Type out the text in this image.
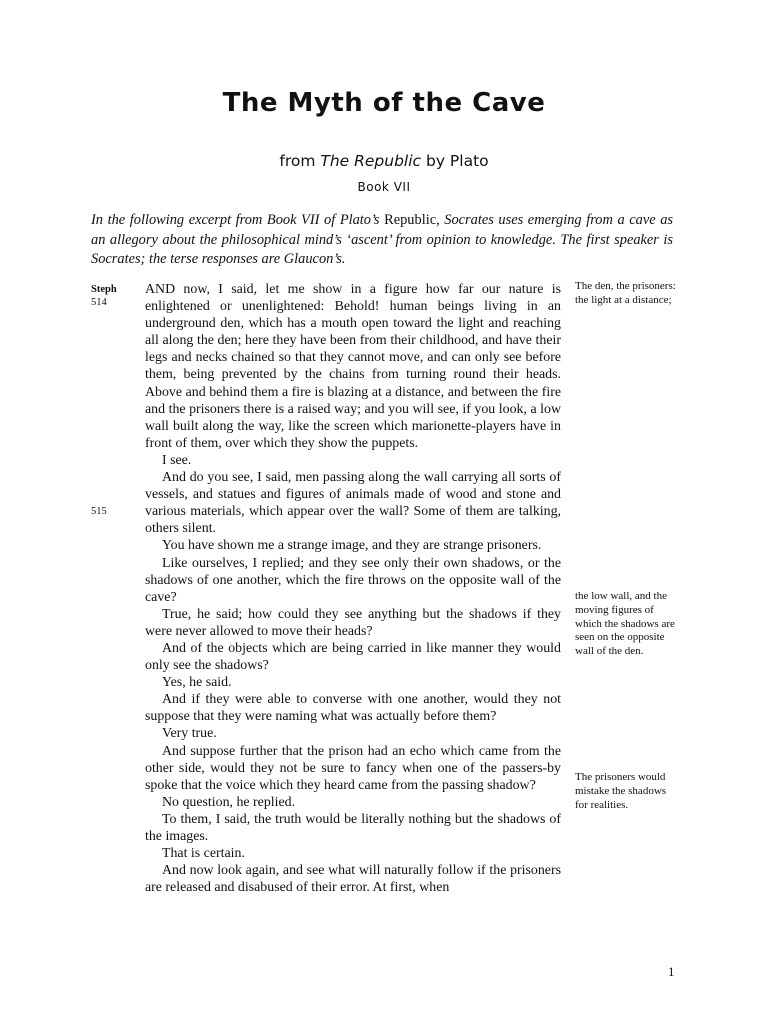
The Myth of the Cave
from The Republic by Plato
Book VII
In the following excerpt from Book VII of Plato’s Republic, Socrates uses emerging from a cave as an allegory about the philosophical mind’s ‘ascent’ from opinion to knowledge. The first speaker is Socrates; the terse responses are Glaucon’s.
Steph
514
515

AND now, I said, let me show in a figure how far our nature is enlightened or unenlightened: Behold! human beings living in an underground den, which has a mouth open toward the light and reaching all along the den; here they have been from their childhood, and have their legs and necks chained so that they cannot move, and can only see before them, being prevented by the chains from turning round their heads. Above and behind them a fire is blazing at a distance, and between the fire and the prisoners there is a raised way; and you will see, if you look, a low wall built along the way, like the screen which marionette-players have in front of them, over which they show the puppets.

I see.

And do you see, I said, men passing along the wall carrying all sorts of vessels, and statues and figures of animals made of wood and stone and various materials, which appear over the wall? Some of them are talking, others silent.

You have shown me a strange image, and they are strange prisoners.

Like ourselves, I replied; and they see only their own shadows, or the shadows of one another, which the fire throws on the opposite wall of the cave?

True, he said; how could they see anything but the shadows if they were never allowed to move their heads?

And of the objects which are being carried in like manner they would only see the shadows?

Yes, he said.

And if they were able to converse with one another, would they not suppose that they were naming what was actually before them?

Very true.

And suppose further that the prison had an echo which came from the other side, would they not be sure to fancy when one of the passers-by spoke that the voice which they heard came from the passing shadow?

No question, he replied.

To them, I said, the truth would be literally nothing but the shadows of the images.

That is certain.

And now look again, and see what will naturally follow if the prisoners are released and disabused of their error. At first, when

The den, the prisoners: the light at a distance;
the low wall, and the moving figures of which the shadows are seen on the opposite wall of the den.
The prisoners would mistake the shadows for realities.
1
